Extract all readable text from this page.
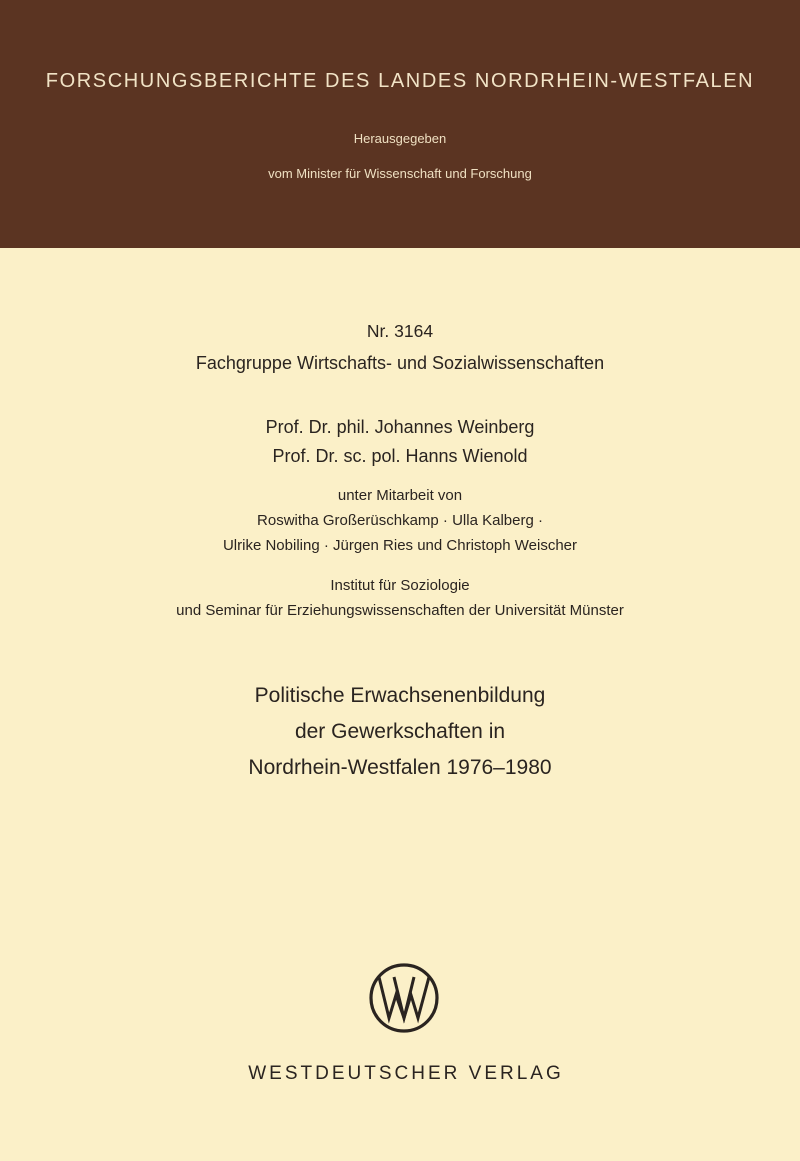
FORSCHUNGSBERICHTE DES LANDES NORDRHEIN-WESTFALEN
Herausgegeben
vom Minister für Wissenschaft und Forschung
Nr. 3164
Fachgruppe Wirtschafts- und Sozialwissenschaften
Prof. Dr. phil. Johannes Weinberg
Prof. Dr. sc. pol. Hanns Wienold
unter Mitarbeit von
Roswitha Großerüschkamp · Ulla Kalberg ·
Ulrike Nobiling · Jürgen Ries und Christoph Weischer
Institut für Soziologie
und Seminar für Erziehungswissenschaften der Universität Münster
Politische Erwachsenenbildung
der Gewerkschaften in
Nordrhein-Westfalen 1976–1980
WESTDEUTSCHER VERLAG
